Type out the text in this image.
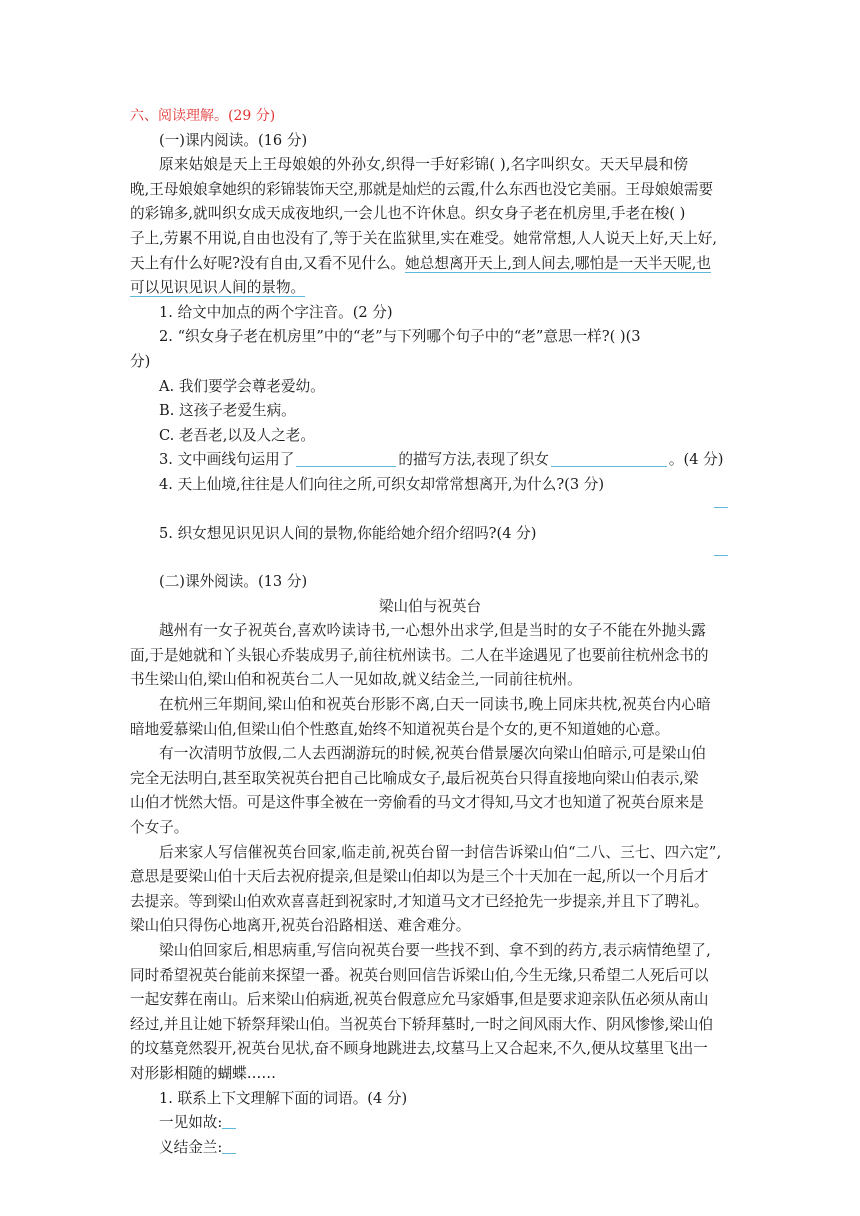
六、阅读理解。(29 分)
(一)课内阅读。(16 分)
原来姑娘是天上王母娘娘的外孙女,织得一手好彩锦( ),名字叫织女。天天早晨和傍
晚,王母娘娘拿她织的彩锦装饰天空,那就是灿烂的云霞,什么东西也没它美丽。王母娘娘需要
的彩锦多,就叫织女成天成夜地织,一会儿也不许休息。织女身子老在机房里,手老在梭( )
子上,劳累不用说,自由也没有了,等于关在监狱里,实在难受。她常常想,人人说天上好,天上好,
天上有什么好呢?没有自由,又看不见什么。她总想离开天上,到人间去,哪怕是一天半天呢,也
可以见识见识人间的景物。
1. 给文中加点的两个字注音。(2 分)
2. “织女身子老在机房里”中的“老”与下列哪个句子中的“老”意思一样?( )(3
分)
A. 我们要学会尊老爱幼。
B. 这孩子老爱生病。
C. 老吾老,以及人之老。
3. 文中画线句运用了	的描写方法,表现了织女	。(4 分)
4. 天上仙境,往往是人们向往之所,可织女却常常想离开,为什么?(3 分)
5. 织女想见识见识人间的景物,你能给她介绍介绍吗?(4 分)
(二)课外阅读。(13 分)
梁山伯与祝英台
越州有一女子祝英台,喜欢吟读诗书,一心想外出求学,但是当时的女子不能在外抛头露
面,于是她就和丫头银心乔装成男子,前往杭州读书。二人在半途遇见了也要前往杭州念书的
书生梁山伯,梁山伯和祝英台二人一见如故,就义结金兰,一同前往杭州。
在杭州三年期间,梁山伯和祝英台形影不离,白天一同读书,晚上同床共枕,祝英台内心暗
暗地爱慕梁山伯,但梁山伯个性憨直,始终不知道祝英台是个女的,更不知道她的心意。
有一次清明节放假,二人去西湖游玩的时候,祝英台借景屡次向梁山伯暗示,可是梁山伯
完全无法明白,甚至取笑祝英台把自己比喻成女子,最后祝英台只得直接地向梁山伯表示,梁
山伯才恍然大悟。可是这件事全被在一旁偷看的马文才得知,马文才也知道了祝英台原来是
个女子。
后来家人写信催祝英台回家,临走前,祝英台留一封信告诉梁山伯“二八、三七、四六定”,
意思是要梁山伯十天后去祝府提亲,但是梁山伯却以为是三个十天加在一起,所以一个月后才
去提亲。等到梁山伯欢欢喜喜赶到祝家时,才知道马文才已经抢先一步提亲,并且下了聘礼。
梁山伯只得伤心地离开,祝英台沿路相送、难舍难分。
梁山伯回家后,相思病重,写信向祝英台要一些找不到、拿不到的药方,表示病情绝望了,
同时希望祝英台能前来探望一番。祝英台则回信告诉梁山伯,今生无缘,只希望二人死后可以
一起安葬在南山。后来梁山伯病逝,祝英台假意应允马家婚事,但是要求迎亲队伍必须从南山
经过,并且让她下轿祭拜梁山伯。当祝英台下轿拜墓时,一时之间风雨大作、阴风惨惨,梁山伯
的坟墓竟然裂开,祝英台见状,奋不顾身地跳进去,坟墓马上又合起来,不久,便从坟墓里飞出一
对形影相随的蝴蝶……
1. 联系上下文理解下面的词语。(4 分)
一见如故:
义结金兰:
